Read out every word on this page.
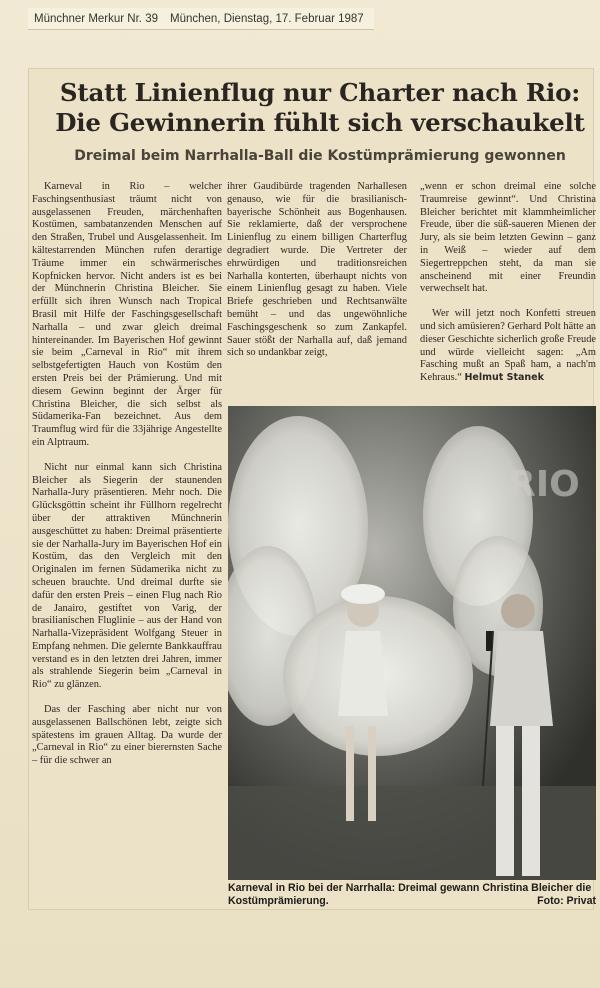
Münchner Merkur Nr. 39 München, Dienstag, 17. Februar 1987
Statt Linienflug nur Charter nach Rio:
Die Gewinnerin fühlt sich verschaukelt
Dreimal beim Narrhalla-Ball die Kostümprämierung gewonnen

Karneval in Rio – welcher Faschingsenthusiast träumt nicht von ausgelassenen Freuden, märchenhaften Kostümen, sambatanzenden Menschen auf den Straßen, Trubel und Ausgelassenheit. Im kältestarrenden München rufen derartige Träume immer ein schwärmerisches Kopfnicken hervor. Nicht anders ist es bei der Münchnerin Christina Bleicher. Sie erfüllt sich ihren Wunsch nach Tropical Brasil mit Hilfe der Faschingsgesellschaft Narhalla – und zwar gleich dreimal hintereinander. Im Bayerischen Hof gewinnt sie beim „Carneval in Rio“ mit ihrem selbstgefertigten Hauch von Kostüm den ersten Preis bei der Prämierung. Und mit diesem Gewinn beginnt der Ärger für Christina Bleicher, die sich selbst als Südamerika-Fan bezeichnet. Aus dem Traumflug wird für die 33jährige Angestellte ein Alptraum.

Nicht nur einmal kann sich Christina Bleicher als Siegerin der staunenden Narhalla-Jury präsentieren. Mehr noch. Die Glücksgöttin scheint ihr Füllhorn regelrecht über der attraktiven Münchnerin ausgeschüttet zu haben: Dreimal präsentierte sie der Narhalla-Jury im Bayerischen Hof ein Kostüm, das den Vergleich mit den Originalen im fernen Südamerika nicht zu scheuen brauchte. Und dreimal durfte sie dafür den ersten Preis – einen Flug nach Rio de Janairo, gestiftet von Varig, der brasilianischen Fluglinie – aus der Hand von Narhalla-Vizepräsident Wolfgang Steuer in Empfang nehmen. Die gelernte Bankkauffrau verstand es in den letzten drei Jahren, immer als strahlende Siegerin beim „Carneval in Rio“ zu glänzen.

Das der Fasching aber nicht nur von ausgelassenen Ballschönen lebt, zeigte sich spätestens im grauen Alltag. Da wurde der „Carneval in Rio“ zu einer bierernsten Sache – für die schwer an

ihrer Gaudibürde tragenden Narhallesen genauso, wie für die brasilianisch-bayerische Schönheit aus Bogenhausen. Sie reklamierte, daß der versprochene Linienflug zu einem billigen Charterflug degradiert wurde. Die Vertreter der ehrwürdigen und traditionsreichen Narhalla konterten, überhaupt nichts von einem Linienflug gesagt zu haben. Viele Briefe geschrieben und Rechtsanwälte bemüht – und das ungewöhnliche Faschingsgeschenk so zum Zankapfel. Sauer stößt der Narhalla auf, daß jemand sich so undankbar zeigt,

„wenn er schon dreimal eine solche Traumreise gewinnt“. Und Christina Bleicher berichtet mit klammheimlicher Freude, über die süß-saueren Mienen der Jury, als sie beim letzten Gewinn – ganz in Weiß – wieder auf dem Siegertreppchen steht, da man sie anscheinend mit einer Freundin verwechselt hat.

Wer will jetzt noch Konfetti streuen und sich amüsieren? Gerhard Polt hätte an dieser Geschichte sicherlich große Freude und würde vielleicht sagen: „Am Fasching mußt an Spaß ham, a nach'm Kehraus.“ Helmut Stanek

RIO
Karneval in Rio bei der Narrhalla: Dreimal gewann Christina Bleicher die Kostümprämierung.	Foto: Privat
